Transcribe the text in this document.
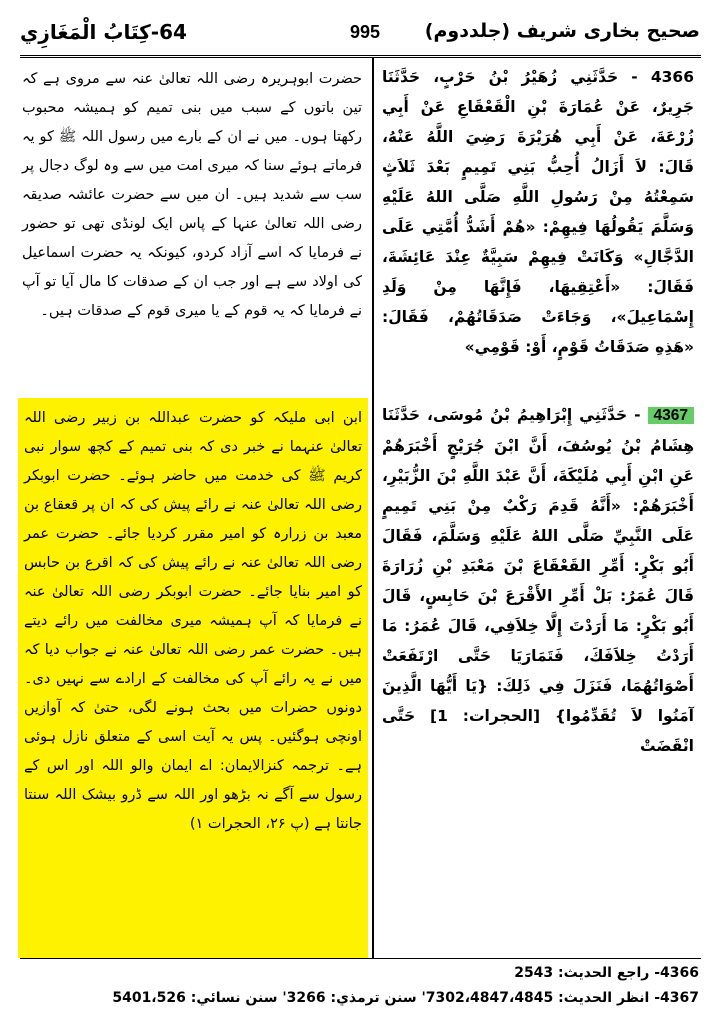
64-كِتَابُ الْمَغَازِي	995 صحیح بخاری شریف (جلددوم)
4366 - حَدَّثَنِي زُهَيْرُ بْنُ حَرْبٍ، حَدَّثَنَا جَرِيرٌ، عَنْ عُمَارَةَ بْنِ الْقَعْقَاعِ عَنْ أَبِي زُرْعَةَ، عَنْ أَبِي هُرَيْرَةَ رَضِيَ اللَّهُ عَنْهُ، قَالَ: لاَ أَزَالُ أُحِبُّ بَنِي تَمِيمٍ بَعْدَ ثَلاَثٍ سَمِعْتُهُ مِنْ رَسُولِ اللَّهِ صَلَّى اللهُ عَلَيْهِ وَسَلَّمَ يَقُولُهَا فِيهِمْ: «هُمْ أَشَدُّ أُمَّتِي عَلَى الدَّجَّالِ» وَكَانَتْ فِيهِمْ سَبِيَّةٌ عِنْدَ عَائِشَةَ، فَقَالَ: «أَعْتِقِيهَا، فَإِنَّهَا مِنْ وَلَدِ إِسْمَاعِيلَ»، وَجَاءَتْ صَدَقَاتُهُمْ، فَقَالَ: «هَذِهِ صَدَقَاتُ قَوْمٍ، أَوْ: قَوْمِي»
4367 - حَدَّثَنِي إِبْرَاهِيمُ بْنُ مُوسَى، حَدَّثَنَا هِشَامُ بْنُ يُوسُفَ، أَنَّ ابْنَ جُرَيْجٍ أَخْبَرَهُمْ عَنِ ابْنِ أَبِي مُلَيْكَةَ، أَنَّ عَبْدَ اللَّهِ بْنَ الزُّبَيْرِ، أَخْبَرَهُمْ: «أَنَّهُ قَدِمَ رَكْبٌ مِنْ بَنِي تَمِيمٍ عَلَى النَّبِيِّ صَلَّى اللهُ عَلَيْهِ وَسَلَّمَ، فَقَالَ أَبُو بَكْرٍ: أَمِّرِ القَعْقَاعَ بْنَ مَعْبَدِ بْنِ زُرَارَةَ قَالَ عُمَرُ: بَلْ أَمِّرِ الأَقْرَعَ بْنَ حَابِسٍ، قَالَ أَبُو بَكْرٍ: مَا أَرَدْتَ إِلَّا خِلاَفِي، قَالَ عُمَرُ: مَا أَرَدْتُ خِلاَفَكَ، فَتَمَارَيَا حَتَّى ارْتَفَعَتْ أَصْوَاتُهُمَا، فَنَزَلَ فِي ذَلِكَ: {يَا أَيُّهَا الَّذِينَ آمَنُوا لاَ تُقَدِّمُوا} [الحجرات: 1] حَتَّى انْقَضَتْ
حضرت ابوہریرہ رضی اللہ تعالیٰ عنہ سے مروی ہے کہ تین باتوں کے سبب میں بنی تمیم کو ہمیشہ محبوب رکھتا ہوں۔ میں نے ان کے بارے میں رسول اللہ ﷺ کو یہ فرماتے ہوئے سنا کہ میری امت میں سے وہ لوگ دجال پر سب سے شدید ہیں۔ ان میں سے حضرت عائشہ صدیقہ رضی اللہ تعالیٰ عنہا کے پاس ایک لونڈی تھی تو حضور نے فرمایا کہ اسے آزاد کردو، کیونکہ یہ حضرت اسماعیل کی اولاد سے ہے اور جب ان کے صدقات کا مال آیا تو آپ نے فرمایا کہ یہ قوم کے یا میری قوم کے صدقات ہیں۔
ابن ابی ملیکہ کو حضرت عبداللہ بن زبیر رضی اللہ تعالیٰ عنہما نے خبر دی کہ بنی تمیم کے کچھ سوار نبی کریم ﷺ کی خدمت میں حاضر ہوئے۔ حضرت ابوبکر رضی اللہ تعالیٰ عنہ نے رائے پیش کی کہ ان پر قعقاع بن معبد بن زرارہ کو امیر مقرر کردیا جائے۔ حضرت عمر رضی اللہ تعالیٰ عنہ نے رائے پیش کی کہ اقرع بن حابس کو امیر بنایا جائے۔ حضرت ابوبکر رضی اللہ تعالیٰ عنہ نے فرمایا کہ آپ ہمیشہ میری مخالفت میں رائے دیتے ہیں۔ حضرت عمر رضی اللہ تعالیٰ عنہ نے جواب دیا کہ میں نے یہ رائے آپ کی مخالفت کے ارادے سے نہیں دی۔ دونوں حضرات میں بحث ہونے لگی، حتیٰ کہ آوازیں اونچی ہوگئیں۔ پس یہ آیت اسی کے متعلق نازل ہوئی ہے۔ ترجمہ کنزالایمان: اے ایمان والو اللہ اور اس کے رسول سے آگے نہ بڑھو اور اللہ سے ڈرو بیشک اللہ سنتا جانتا ہے (پ ۲۶، الحجرات ۱)
4366- راجع الحديث: 2543
4367- انظر الحديث: 7302،4847،4845' سنن ترمذي: 3266' سنن نسائي: 5401،526
